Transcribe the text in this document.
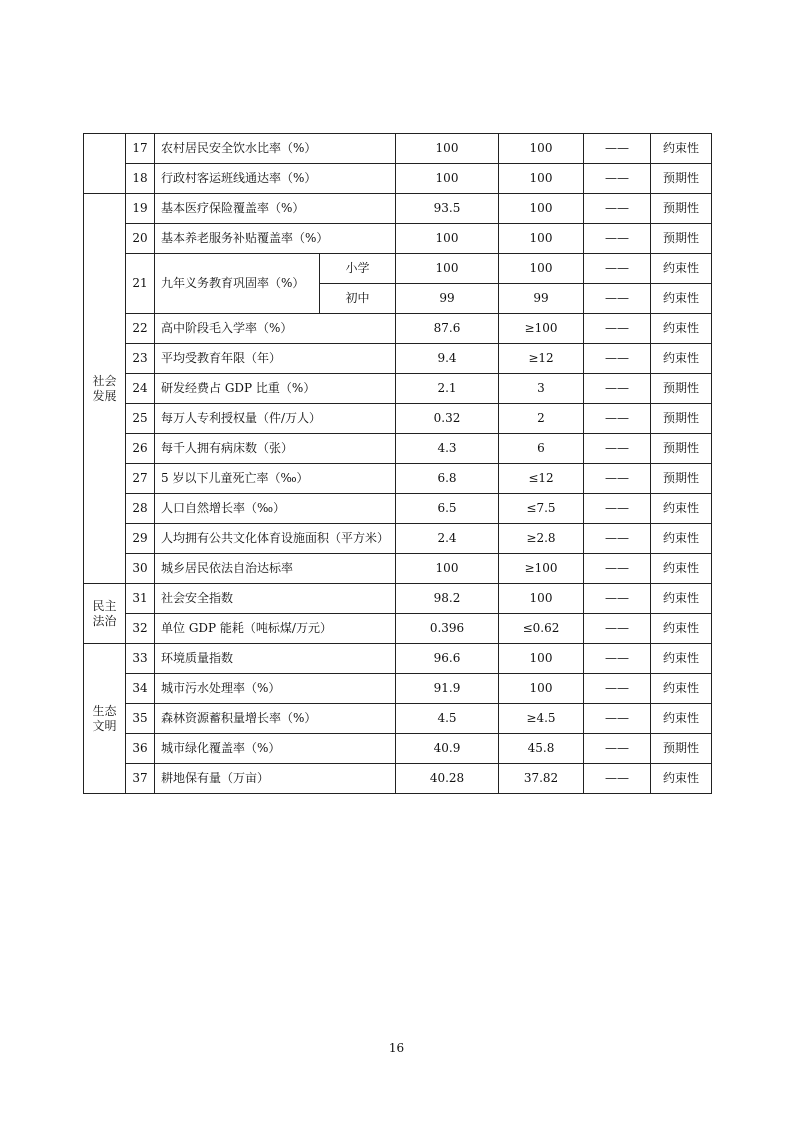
	17	农村居民安全饮水比率（%）		100	100	——	约束性
	18	行政村客运班线通达率（%）		100	100	——	预期性
社会发展	19	基本医疗保险覆盖率（%）		93.5	100	——	预期性
	20	基本养老服务补贴覆盖率（%）		100	100	——	预期性
	21	九年义务教育巩固率（%）	小学	100	100	——	约束性
			初中	99	99	——	约束性
	22	高中阶段毛入学率（%）		87.6	≥100	——	约束性
	23	平均受教育年限（年）		9.4	≥12	——	约束性
	24	研发经费占 GDP 比重（%）		2.1	3	——	预期性
	25	每万人专利授权量（件/万人）		0.32	2	——	预期性
	26	每千人拥有病床数（张）		4.3	6	——	预期性
	27	5 岁以下儿童死亡率（‰）		6.8	≤12	——	预期性
	28	人口自然增长率（‰）		6.5	≤7.5	——	约束性
	29	人均拥有公共文化体育设施面积（平方米）		2.4	≥2.8	——	约束性
	30	城乡居民依法自治达标率		100	≥100	——	约束性
民主法治	31	社会安全指数		98.2	100	——	约束性
	32	单位 GDP 能耗（吨标煤/万元）		0.396	≤0.62	——	约束性
生态文明	33	环境质量指数		96.6	100	——	约束性
	34	城市污水处理率（%）		91.9	100	——	约束性
	35	森林资源蓄积量增长率（%）		4.5	≥4.5	——	约束性
	36	城市绿化覆盖率（%）		40.9	45.8	——	预期性
	37	耕地保有量（万亩）		40.28	37.82	——	约束性
16
